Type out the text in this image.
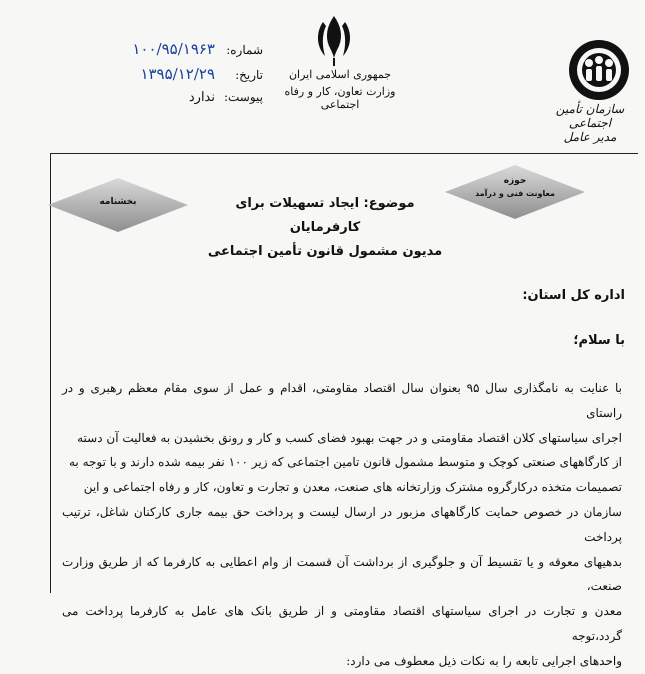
شماره:
۱۰۰/۹۵/۱۹۶۳
تاریخ:
۱۳۹۵/۱۲/۲۹
پیوست:
ندارد
جمهوری اسلامی ایران
وزارت تعاون، کار و رفاه اجتماعی	سازمان تأمین اجتماعی
مدیر عامل
بخشنامه
حوزه
معاونت فنی و درآمد
موضوع: ایجاد تسهیلات برای کارفرمایان
مدیون مشمول قانون تأمین اجتماعی
اداره کل استان:
با سلام؛
با عنایت به نامگذاری سال ۹۵ بعنوان سال اقتصاد مقاومتی، اقدام و عمل از سوی مقام معظم رهبری و در راستای
اجرای سیاستهای کلان اقتصاد مقاومتی و در جهت بهبود فضای کسب و کار و رونق بخشیدن به فعالیت آن دسته
از کارگاههای صنعتی کوچک و متوسط مشمول قانون تامین اجتماعی که زیر ۱۰۰ نفر بیمه شده دارند و با توجه به
تصمیمات متخذه درکارگروه مشترک وزارتخانه های صنعت، معدن و تجارت و تعاون، کار و رفاه اجتماعی و این
سازمان در خصوص حمایت کارگاههای مزبور در ارسال لیست و پرداخت حق بیمه جاری کارکنان شاغل، ترتیب پرداخت
بدهیهای معوقه و یا تقسیط آن و جلوگیری از برداشت آن قسمت از وام اعطایی به کارفرما که از طریق وزارت صنعت،
معدن و تجارت در اجرای سیاستهای اقتصاد مقاومتی و از طریق بانک های عامل به کارفرما پرداخت می گردد،توجه
واحدهای اجرایی تابعه را به نکات ذیل معطوف می دارد:
